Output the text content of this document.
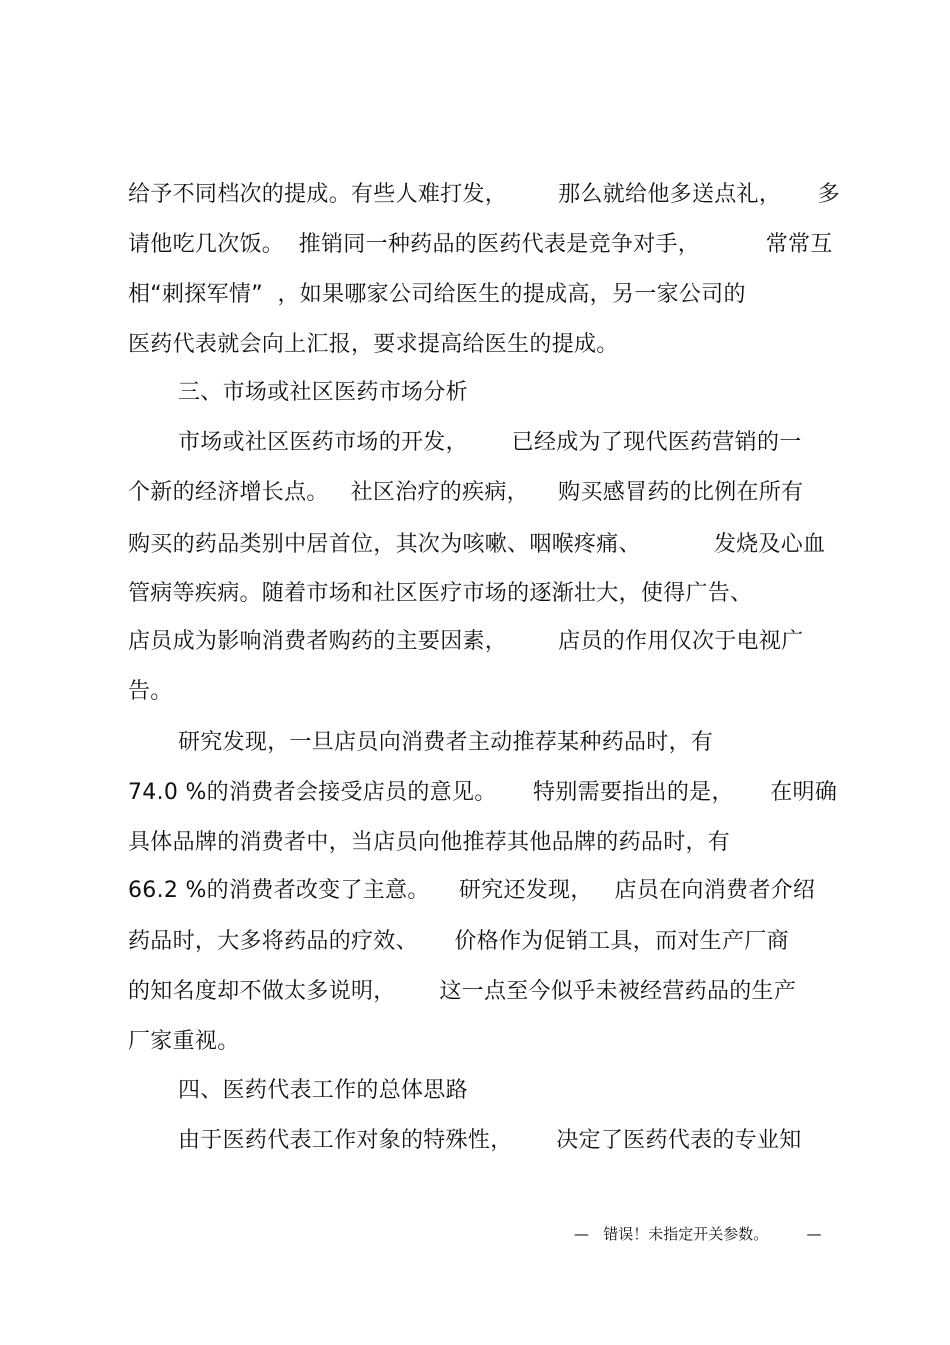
给予不同档次的提成。有些人难打发，       那么就给他多送点礼，     多
请他吃几次饭。  推销同一种药品的医药代表是竞争对手，         常常互
相“刺探军情”  ，如果哪家公司给医生的提成高，另一家公司的
医药代表就会向上汇报，要求提高给医生的提成。
三、市场或社区医药市场分析
市场或社区医药市场的开发，      已经成为了现代医药营销的一
个新的经济增长点。   社区治疗的疾病，    购买感冒药的比例在所有
购买的药品类别中居首位，其次为咳嗽、咽喉疼痛、          发烧及心血
管病等疾病。随着市场和社区医疗市场的逐渐壮大，使得广告、
店员成为影响消费者购药的主要因素，       店员的作用仅次于电视广
告。
研究发现，一旦店员向消费者主动推荐某种药品时，有
74.0 %的消费者会接受店员的意见。     特别需要指出的是，     在明确
具体品牌的消费者中，当店员向他推荐其他品牌的药品时，有
66.2 %的消费者改变了主意。    研究还发现，   店员在向消费者介绍
药品时，大多将药品的疗效、     价格作为促销工具，而对生产厂商
的知名度却不做太多说明，      这一点至今似乎未被经营药品的生产
厂家重视。
四、医药代表工作的总体思路
由于医药代表工作对象的特殊性，      决定了医药代表的专业知
—   错误！未指定开关参数。        —
